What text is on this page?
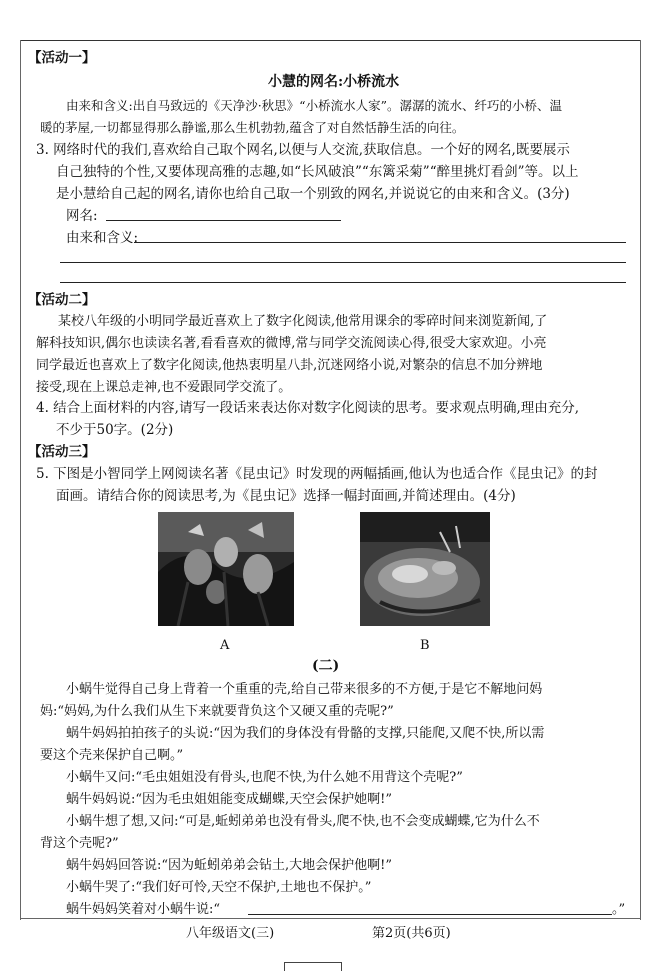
【活动一】
小慧的网名:小桥流水
由来和含义:出自马致远的《天净沙·秋思》“小桥流水人家”。潺潺的流水、纤巧的小桥、温
暖的茅屋,一切都显得那么静谧,那么生机勃勃,蕴含了对自然恬静生活的向往。
3. 网络时代的我们,喜欢给自己取个网名,以便与人交流,获取信息。一个好的网名,既要展示
自己独特的个性,又要体现高雅的志趣,如“长风破浪”“东篱采菊”“醉里挑灯看剑”等。以上
是小慧给自己起的网名,请你也给自己取一个别致的网名,并说说它的由来和含义。(3分)
网名:
由来和含义:
【活动二】
某校八年级的小明同学最近喜欢上了数字化阅读,他常用课余的零碎时间来浏览新闻,了
解科技知识,偶尔也读读名著,看看喜欢的微博,常与同学交流阅读心得,很受大家欢迎。小亮
同学最近也喜欢上了数字化阅读,他热衷明星八卦,沉迷网络小说,对繁杂的信息不加分辨地
接受,现在上课总走神,也不爱跟同学交流了。
4. 结合上面材料的内容,请写一段话来表达你对数字化阅读的思考。要求观点明确,理由充分,
不少于50字。(2分)
【活动三】
5. 下图是小智同学上网阅读名著《昆虫记》时发现的两幅插画,他认为也适合作《昆虫记》的封
面画。请结合你的阅读思考,为《昆虫记》选择一幅封面画,并简述理由。(4分)
A	B
(二)
小蜗牛觉得自己身上背着一个重重的壳,给自己带来很多的不方便,于是它不解地问妈
妈:“妈妈,为什么我们从生下来就要背负这个又硬又重的壳呢?”
蜗牛妈妈拍拍孩子的头说:“因为我们的身体没有骨骼的支撑,只能爬,又爬不快,所以需
要这个壳来保护自己啊。”
小蜗牛又问:“毛虫姐姐没有骨头,也爬不快,为什么她不用背这个壳呢?”
蜗牛妈妈说:“因为毛虫姐姐能变成蝴蝶,天空会保护她啊!”
小蜗牛想了想,又问:“可是,蚯蚓弟弟也没有骨头,爬不快,也不会变成蝴蝶,它为什么不
背这个壳呢?”
蜗牛妈妈回答说:“因为蚯蚓弟弟会钻土,大地会保护他啊!”
小蜗牛哭了:“我们好可怜,天空不保护,土地也不保护。”
蜗牛妈妈笑着对小蜗牛说:“	。”
八年级语文(三)	第2页(共6页)
